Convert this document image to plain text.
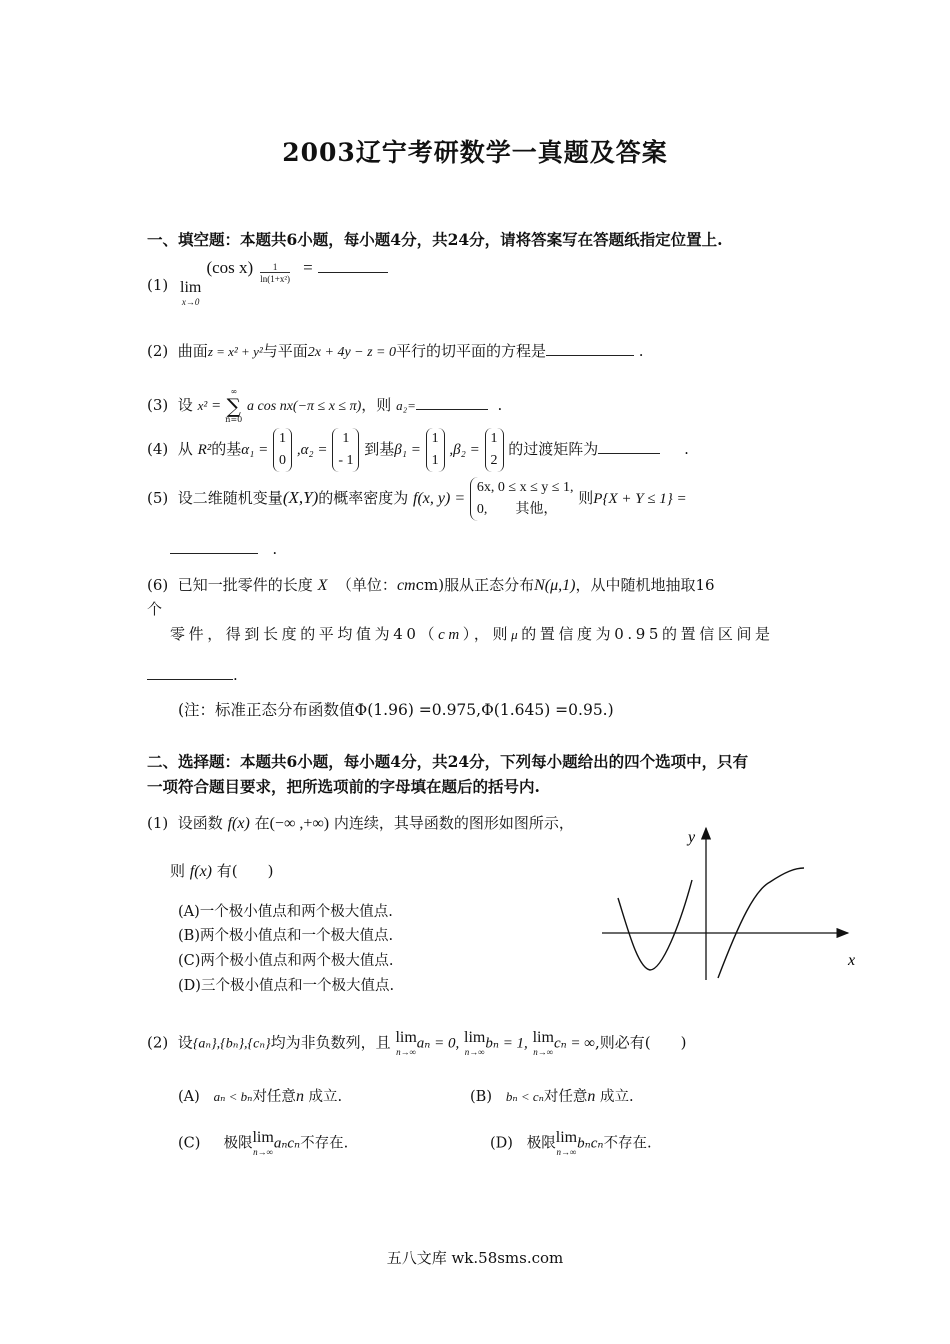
2003辽宁考研数学一真题及答案
一、填空题：本题共6小题，每小题4分，共24分，请将答案写在答题纸指定位置上.
(1) lim
x→0
(cos $x) \frac{1}{\text{ln(1+x²)}}$ =
(2) 曲面z = x² + y²与平面2x + 4y − z = 0平行的切平面的方程是	.
(3) 设 x² =
∞
∑
n=0
a cos nx(−π ≤ x ≤ π)，则 a₂=	.
(4) 从 R²的基α₁ =
1
0
,α₂ =
1
- 1
到基β₁ =
1
1
,β₂ =
1
2
的过渡矩阵为	.
(5) 设二维随机变量(X,Y)的概率密度为 f(x, y) =
6x, 0 ≤ x ≤ y ≤ 1,
0, 其他，
则P{X + Y ≤ 1} =
.
(6) 已知一批零件的长度 X （单位：cmcm)服从正态分布N(μ,1)，从中随机地抽取16
个
零件，得到长度的平均值为40（cm），则μ的置信度为0.95的置信区间是
.
(注：标准正态分布函数值Φ(1.96) =0.975,Φ(1.645) =0.95.)
二、选择题：本题共6小题，每小题4分，共24分，下列每小题给出的四个选项中，只有
一项符合题目要求，把所选项前的字母填在题后的括号内.
(1) 设函数 f(x) 在(−∞ ,+∞) 内连续，其导函数的图形如图所示，
则 f(x) 有(　　)
(A)一个极小值点和两个极大值点.
(B)两个极小值点和一个极大值点.
(C)两个极小值点和两个极大值点.
(D)三个极小值点和一个极大值点.
y
x
(2) 设{aₙ},{bₙ},{cₙ}均为非负数列，且 lim
n→∞
aₙ = 0, lim
n→∞
bₙ = 1, lim
n→∞
cₙ = ∞,则必有(　　)
(A) aₙ < bₙ对任意n 成立.	(B) bₙ < cₙ对任意n 成立.
(C) 极限 lim
n→∞
aₙcₙ不存在.	(D) 极限 lim
n→∞
bₙcₙ不存在.
五八文库 wk.58sms.com
